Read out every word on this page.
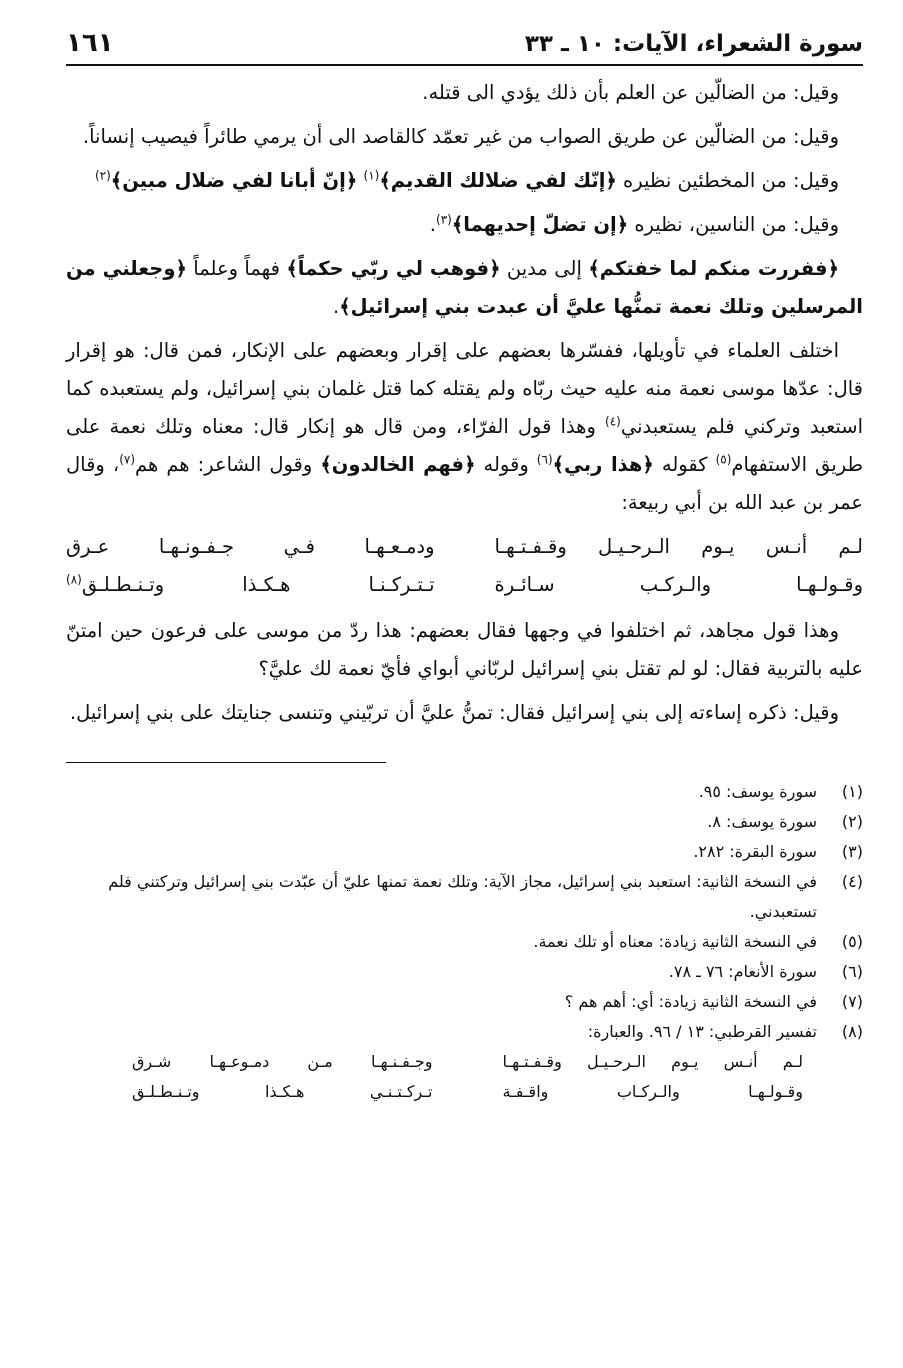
سورة الشعراء، الآيات: ١٠ ـ ٣٣
١٦١

وقيل: من الضالّين عن العلم بأن ذلك يؤدي الى قتله.

وقيل: من الضالّين عن طريق الصواب من غير تعمّد كالقاصد الى أن يرمي طائراً فيصيب إنساناً.

وقيل: من المخطئين نظيره ﴿إنّك لفي ضلالك القديم﴾$^{(١)}$ ﴿إنّ أبانا لفي ضلال مبين﴾$^{(٢)}$

وقيل: من الناسين، نظيره ﴿إن تضلّ إحديهما﴾$^{(٣)}$.

﴿ففررت منكم لما خفتكم﴾ إلى مدين ﴿فوهب لي ربّي حكماً﴾ فهماً وعلماً ﴿وجعلني من المرسلين وتلك نعمة تمنُّها عليَّ أن عبدت بني إسرائيل﴾.

اختلف العلماء في تأويلها، ففسّرها بعضهم على إقرار وبعضهم على الإنكار، فمن قال: هو إقرار قال: عدّها موسى نعمة منه عليه حيث ربّاه ولم يقتله كما قتل غلمان بني إسرائيل، ولم يستعبده كما استعبد وتركني فلم يستعبدني$^{(٤)}$ وهذا قول الفرّاء، ومن قال هو إنكار قال: معناه وتلك نعمة على طريق الاستفهام$^{(٥)}$ كقوله ﴿هذا ربي﴾$^{(٦)}$ وقوله ﴿فهم الخالدون﴾ وقول الشاعر: هم هم$^{(٧)}$، وقال عمر بن عبد الله بن أبي ربيعة:

لـم أنـس يـوم الـرحـيـل وقـفـتـهـا
ودمـعـهـا فـي جـفـونـهـا عـرق
وقـولـهـا والـركـب سـائـرة
تـتـركـنـا هـكـذا وتـنـطـلـق$^{(٨)}$

وهذا قول مجاهد، ثم اختلفوا في وجهها فقال بعضهم: هذا ردّ من موسى على فرعون حين امتنّ عليه بالتربية فقال: لو لم تقتل بني إسرائيل لربّاني أبواي فأيّ نعمة لك عليَّ؟

وقيل: ذكره إساءته إلى بني إسرائيل فقال: تمنُّ عليَّ أن تربّيني وتنسى جنايتك على بني إسرائيل.

(١)
سورة يوسف: ٩٥.
(٢)
سورة يوسف: ٨.
(٣)
سورة البقرة: ٢٨٢.
(٤)
في النسخة الثانية: استعبد بني إسرائيل، مجاز الآية: وتلك نعمة تمنها عليّ أن عبّدت بني إسرائيل وتركتني فلم تستعبدني.
(٥)
في النسخة الثانية زيادة: معناه أو تلك نعمة.
(٦)
سورة الأنعام: ٧٦ ـ ٧٨.
(٧)
في النسخة الثانية زيادة: أي: أهم هم ؟
(٨)
تفسير القرطبي: ١٣ / ٩٦. والعبارة:
لـم أنـس يـوم الـرحـيـل وقـفـتـهـا
وجـفـنـهـا مـن دمـوعـهـا شـرق
وقـولـهـا والـركـاب واقـفـة
تـركـتـنـي هـكـذا وتـنـطـلـق
